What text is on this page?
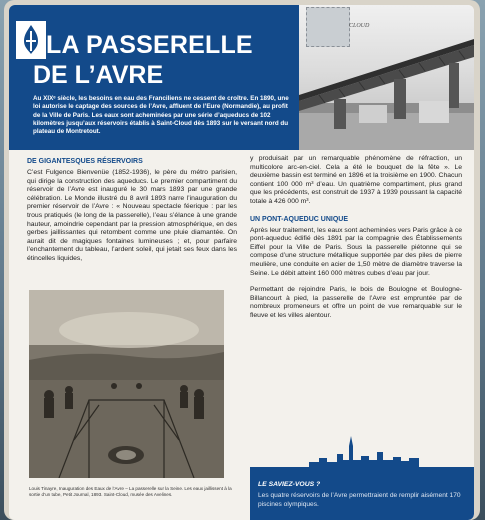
LA PASSERELLE
DE L’AVRE
Au XIXᵉ siècle, les besoins en eau des Franciliens ne cessent de croître. En 1890, une loi autorise le captage des sources de l’Avre, affluent de l’Eure (Normandie), au profit de la Ville de Paris. Les eaux sont acheminées par une série d’aqueducs de 102 kilomètres jusqu’aux réservoirs établis à Saint-Cloud dès 1893 sur le versant nord du plateau de Montretout.
CLOUD
DE GIGANTESQUES RÉSERVOIRS
C’est Fulgence Bienvenüe (1852-1936), le père du métro parisien, qui dirige la construction des aqueducs. Le premier compartiment du réservoir de l’Avre est inauguré le 30 mars 1893 par une grande célébration. Le Monde illustré du 8 avril 1893 narre l’inauguration du premier réservoir de l’Avre : « Nouveau spectacle féerique : par les trous pratiqués (le long de la passerelle), l’eau s’élance à une grande hauteur, amoindrie cependant par la pression atmosphérique, en des gerbes jaillissantes qui retombent comme une pluie diamantée. On aurait dit de magiques fontaines lumineuses ; et, pour parfaire l’enchantement du tableau, l’ardent soleil, qui jetait ses feux dans les étincelles liquides,
Louis Tinayre, Inauguration des Eaux de l’Avre – La passerelle sur la Seine. Les eaux jaillissent à la sortie d’un tube, Petit Journal, 1893. Saint-Cloud, musée des Avelines.
y produisait par un remarquable phénomène de réfraction, un multicolore arc-en-ciel. Cela a été le bouquet de la fête ». Le deuxième bassin est terminé en 1896 et la troisième en 1900. Chacun contient 100 000 m³ d’eau. Un quatrième compartiment, plus grand que les précédents, est construit de 1937 à 1939 poussant la capacité totale à 426 000 m³.
UN PONT-AQUEDUC UNIQUE
Après leur traitement, les eaux sont acheminées vers Paris grâce à ce pont-aqueduc édifié dès 1891 par la compagnie des Établissements Eiffel pour la Ville de Paris. Sous la passerelle piétonne qui se compose d’une structure métallique supportée par des piles de pierre meulière, une conduite en acier de 1,50 mètre de diamètre traverse la Seine. Le débit atteint 160 000 mètres cubes d’eau par jour.
Permettant de rejoindre Paris, le bois de Boulogne et Boulogne-Billancourt à pied, la passerelle de l’Avre est empruntée par de nombreux promeneurs et offre un point de vue remarquable sur le fleuve et les villes alentour.
LE SAVIEZ-VOUS ?
Les quatre réservoirs de l’Avre permettraient de remplir aisément 170 piscines olympiques.
